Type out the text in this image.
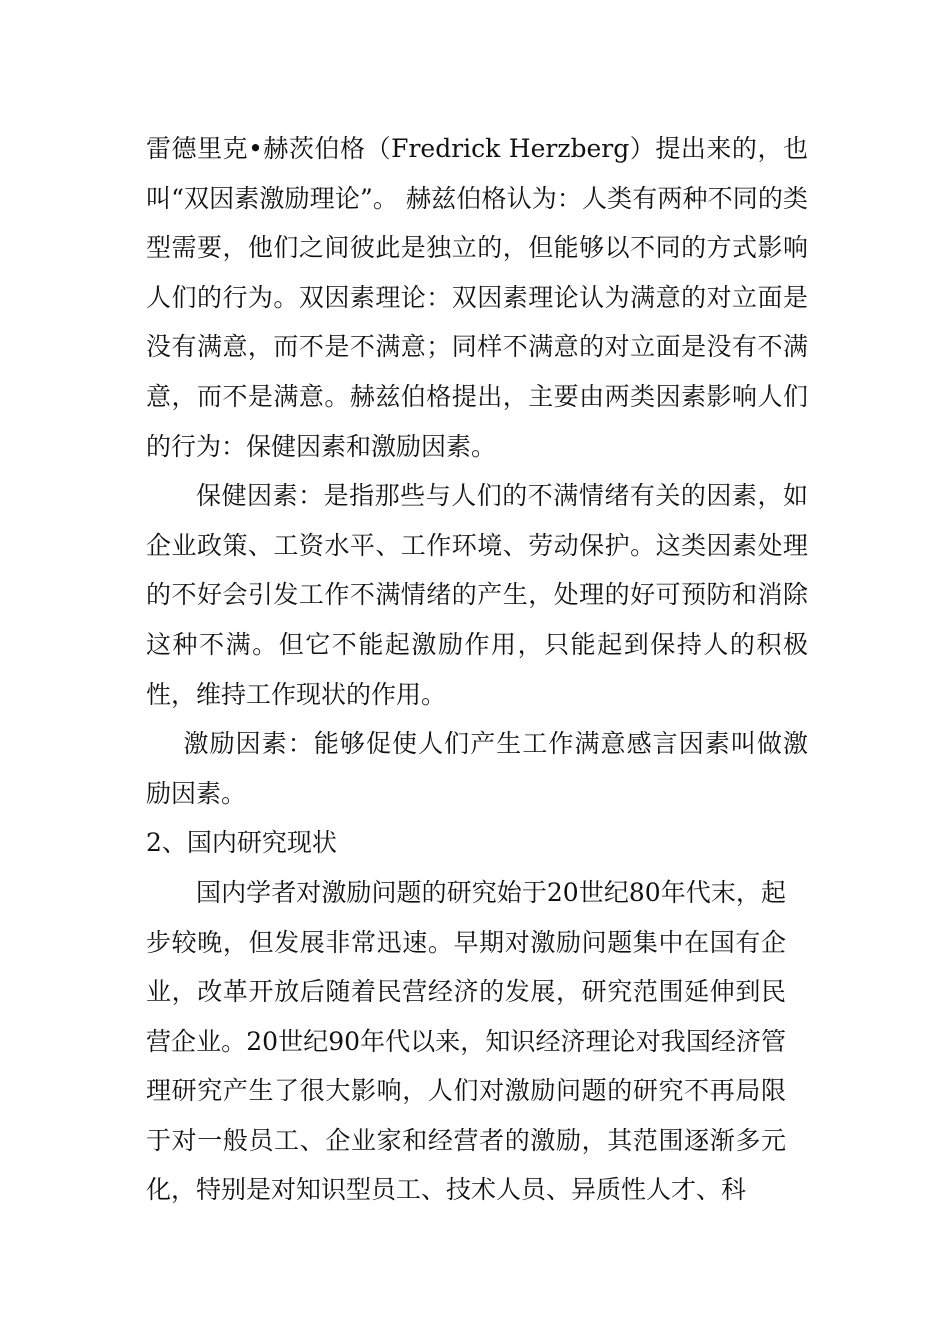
雷德里克•赫茨伯格（Fredrick Herzberg）提出来的，也叫“双因素激励理论”。 赫兹伯格认为：人类有两种不同的类型需要，他们之间彼此是独立的，但能够以不同的方式影响人们的行为。双因素理论：双因素理论认为满意的对立面是没有满意，而不是不满意；同样不满意的对立面是没有不满意，而不是满意。赫兹伯格提出，主要由两类因素影响人们的行为：保健因素和激励因素。

保健因素：是指那些与人们的不满情绪有关的因素，如企业政策、工资水平、工作环境、劳动保护。这类因素处理的不好会引发工作不满情绪的产生，处理的好可预防和消除这种不满。但它不能起激励作用，只能起到保持人的积极性，维持工作现状的作用。

激励因素：能够促使人们产生工作满意感言因素叫做激励因素。

2、国内研究现状

国内学者对激励问题的研究始于20世纪80年代末，起步较晚，但发展非常迅速。早期对激励问题集中在国有企业，改革开放后随着民营经济的发展，研究范围延伸到民营企业。20世纪90年代以来，知识经济理论对我国经济管理研究产生了很大影响，人们对激励问题的研究不再局限于对一般员工、企业家和经营者的激励，其范围逐渐多元化，特别是对知识型员工、技术人员、异质性人才、科
